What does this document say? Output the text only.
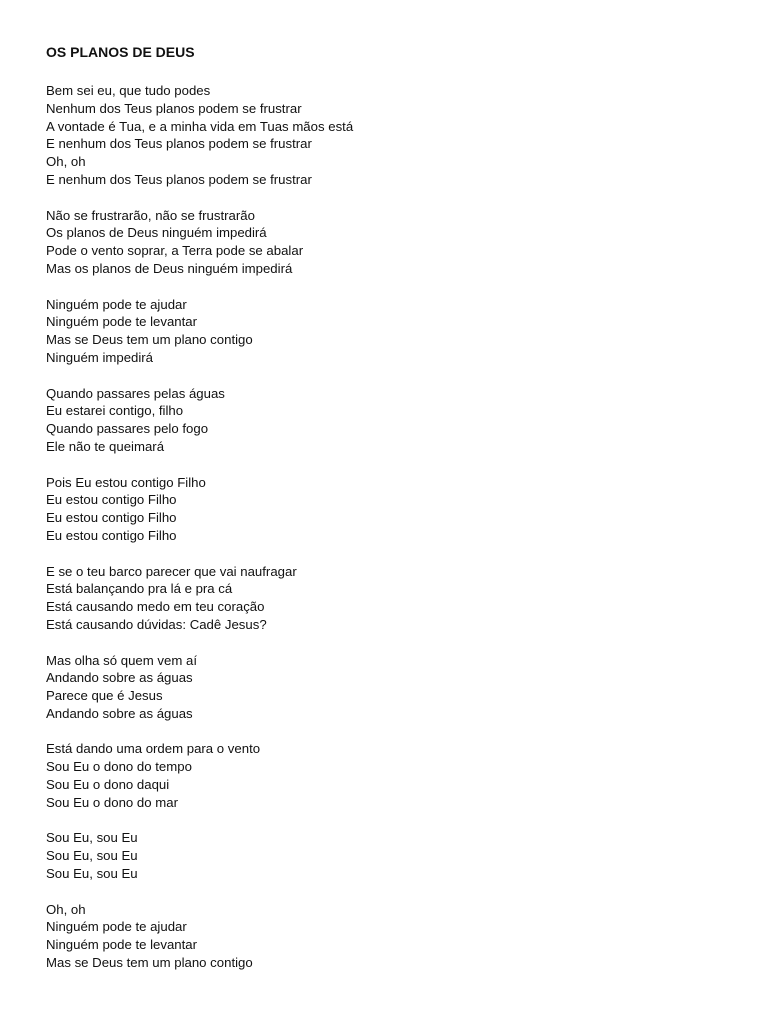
OS PLANOS DE DEUS
Bem sei eu, que tudo podes
Nenhum dos Teus planos podem se frustrar
A vontade é Tua, e a minha vida em Tuas mãos está
E nenhum dos Teus planos podem se frustrar
Oh, oh
E nenhum dos Teus planos podem se frustrar
Não se frustrarão, não se frustrarão
Os planos de Deus ninguém impedirá
Pode o vento soprar, a Terra pode se abalar
Mas os planos de Deus ninguém impedirá
Ninguém pode te ajudar
Ninguém pode te levantar
Mas se Deus tem um plano contigo
Ninguém impedirá
Quando passares pelas águas
Eu estarei contigo, filho
Quando passares pelo fogo
Ele não te queimará
Pois Eu estou contigo Filho
Eu estou contigo Filho
Eu estou contigo Filho
Eu estou contigo Filho
E se o teu barco parecer que vai naufragar
Está balançando pra lá e pra cá
Está causando medo em teu coração
Está causando dúvidas: Cadê Jesus?
Mas olha só quem vem aí
Andando sobre as águas
Parece que é Jesus
Andando sobre as águas
Está dando uma ordem para o vento
Sou Eu o dono do tempo
Sou Eu o dono daqui
Sou Eu o dono do mar
Sou Eu, sou Eu
Sou Eu, sou Eu
Sou Eu, sou Eu
Oh, oh
Ninguém pode te ajudar
Ninguém pode te levantar
Mas se Deus tem um plano contigo
